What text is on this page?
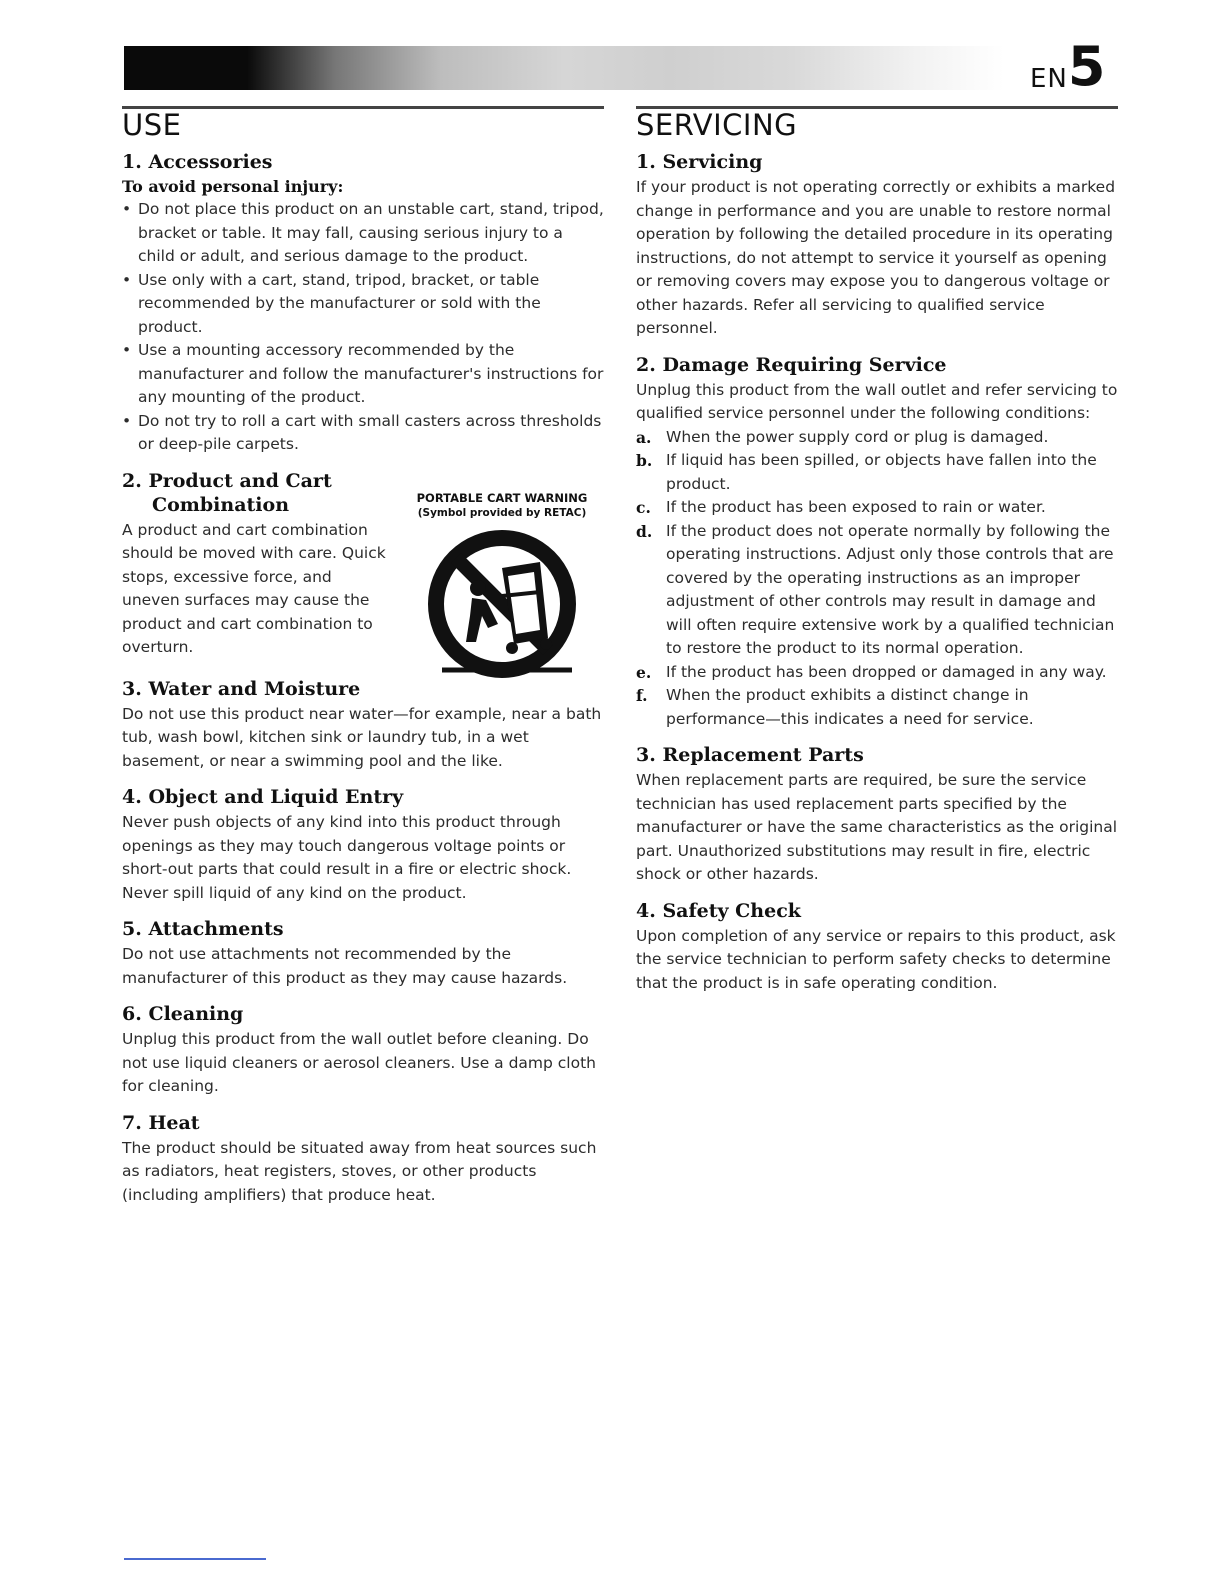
EN5
USE
1. Accessories
To avoid personal injury:
• Do not place this product on an unstable cart, stand, tripod, bracket or table. It may fall, causing serious injury to a child or adult, and serious damage to the product.
• Use only with a cart, stand, tripod, bracket, or table recommended by the manufacturer or sold with the product.
• Use a mounting accessory recommended by the manufacturer and follow the manufacturer's instructions for any mounting of the product.
• Do not try to roll a cart with small casters across thresholds or deep-pile carpets.
2. Product and Cart
Combination
A product and cart combination should be moved with care. Quick stops, excessive force, and uneven surfaces may cause the product and cart combination to overturn.
PORTABLE CART WARNING
(Symbol provided by RETAC)
3. Water and Moisture
Do not use this product near water—for example, near a bath tub, wash bowl, kitchen sink or laundry tub, in a wet basement, or near a swimming pool and the like.
4. Object and Liquid Entry
Never push objects of any kind into this product through openings as they may touch dangerous voltage points or short-out parts that could result in a fire or electric shock. Never spill liquid of any kind on the product.
5. Attachments
Do not use attachments not recommended by the manufacturer of this product as they may cause hazards.
6. Cleaning
Unplug this product from the wall outlet before cleaning. Do not use liquid cleaners or aerosol cleaners. Use a damp cloth for cleaning.
7. Heat
The product should be situated away from heat sources such as radiators, heat registers, stoves, or other products (including amplifiers) that produce heat.
SERVICING
1. Servicing
If your product is not operating correctly or exhibits a marked change in performance and you are unable to restore normal operation by following the detailed procedure in its operating instructions, do not attempt to service it yourself as opening or removing covers may expose you to dangerous voltage or other hazards. Refer all servicing to qualified service personnel.
2. Damage Requiring Service
Unplug this product from the wall outlet and refer servicing to qualified service personnel under the following conditions:
a. When the power supply cord or plug is damaged.
b. If liquid has been spilled, or objects have fallen into the product.
c. If the product has been exposed to rain or water.
d. If the product does not operate normally by following the operating instructions. Adjust only those controls that are covered by the operating instructions as an improper adjustment of other controls may result in damage and will often require extensive work by a qualified technician to restore the product to its normal operation.
e. If the product has been dropped or damaged in any way.
f. When the product exhibits a distinct change in performance—this indicates a need for service.
3. Replacement Parts
When replacement parts are required, be sure the service technician has used replacement parts specified by the manufacturer or have the same characteristics as the original part. Unauthorized substitutions may result in fire, electric shock or other hazards.
4. Safety Check
Upon completion of any service or repairs to this product, ask the service technician to perform safety checks to determine that the product is in safe operating condition.
